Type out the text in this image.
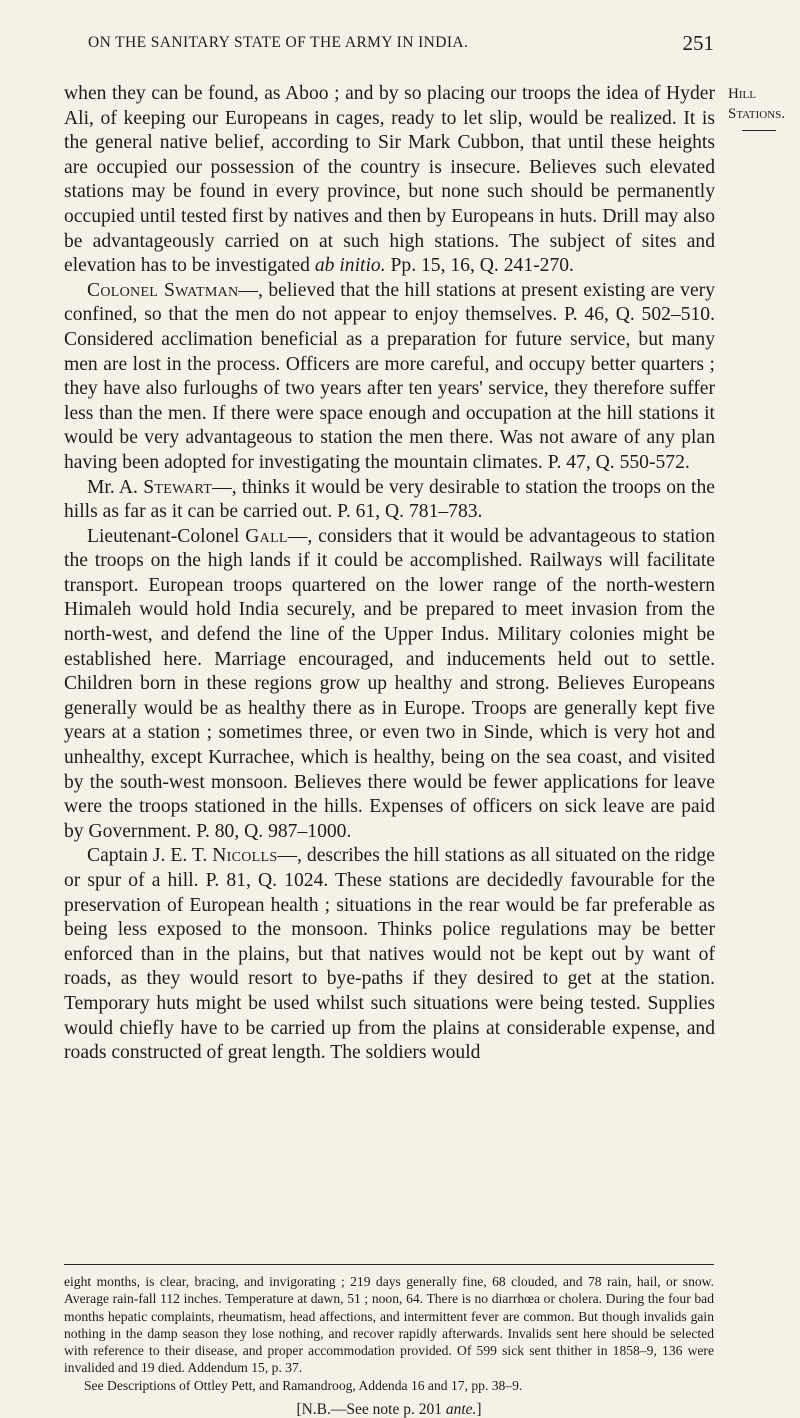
ON THE SANITARY STATE OF THE ARMY IN INDIA.	251
Hill
Stations.

when they can be found, as Aboo ; and by so placing our troops the idea of Hyder Ali, of keeping our Europeans in cages, ready to let slip, would be realized. It is the general native belief, according to Sir Mark Cubbon, that until these heights are occupied our possession of the country is insecure. Believes such elevated stations may be found in every province, but none such should be permanently occupied until tested first by natives and then by Europeans in huts. Drill may also be advantageously carried on at such high stations. The subject of sites and elevation has to be investigated ab initio. Pp. 15, 16, Q. 241-270.

Colonel Swatman—, believed that the hill stations at present existing are very confined, so that the men do not appear to enjoy themselves. P. 46, Q. 502–510. Considered acclimation beneficial as a preparation for future service, but many men are lost in the process. Officers are more careful, and occupy better quarters ; they have also furloughs of two years after ten years' service, they therefore suffer less than the men. If there were space enough and occupation at the hill stations it would be very advantageous to station the men there. Was not aware of any plan having been adopted for investigating the mountain climates. P. 47, Q. 550-572.

Mr. A. Stewart—, thinks it would be very desirable to station the troops on the hills as far as it can be carried out. P. 61, Q. 781–783.

Lieutenant-Colonel Gall—, considers that it would be advantageous to station the troops on the high lands if it could be accomplished. Railways will facilitate transport. European troops quartered on the lower range of the north-western Himaleh would hold India securely, and be prepared to meet invasion from the north-west, and defend the line of the Upper Indus. Military colonies might be established here. Marriage encouraged, and inducements held out to settle. Children born in these regions grow up healthy and strong. Believes Europeans generally would be as healthy there as in Europe. Troops are generally kept five years at a station ; sometimes three, or even two in Sinde, which is very hot and unhealthy, except Kurrachee, which is healthy, being on the sea coast, and visited by the south-west monsoon. Believes there would be fewer applications for leave were the troops stationed in the hills. Expenses of officers on sick leave are paid by Government. P. 80, Q. 987–1000.

Captain J. E. T. Nicolls—, describes the hill stations as all situated on the ridge or spur of a hill. P. 81, Q. 1024. These stations are decidedly favourable for the preservation of European health ; situations in the rear would be far preferable as being less exposed to the monsoon. Thinks police regulations may be better enforced than in the plains, but that natives would not be kept out by want of roads, as they would resort to bye-paths if they desired to get at the station. Temporary huts might be used whilst such situations were being tested. Supplies would chiefly have to be carried up from the plains at considerable expense, and roads constructed of great length. The soldiers would

eight months, is clear, bracing, and invigorating ; 219 days generally fine, 68 clouded, and 78 rain, hail, or snow. Average rain-fall 112 inches. Temperature at dawn, 51 ; noon, 64. There is no diarrhœa or cholera. During the four bad months hepatic complaints, rheumatism, head affections, and intermittent fever are common. But though invalids gain nothing in the damp season they lose nothing, and recover rapidly afterwards. Invalids sent here should be selected with reference to their disease, and proper accommodation provided. Of 599 sick sent thither in 1858–9, 136 were invalided and 19 died. Addendum 15, p. 37.

See Descriptions of Ottley Pett, and Ramandroog, Addenda 16 and 17, pp. 38–9.

[N.B.—See note p. 201 ante.]
